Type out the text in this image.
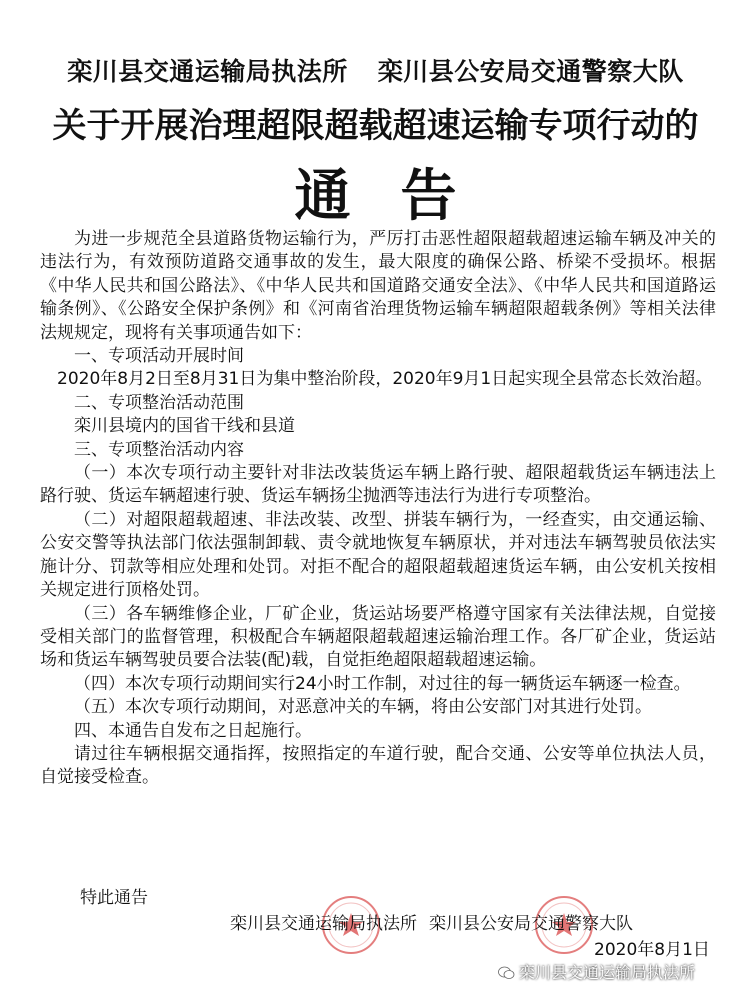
栾川县交通运输局执法所 栾川县公安局交通警察大队
关于开展治理超限超载超速运输专项行动的
通告

为进一步规范全县道路货物运输行为，严厉打击恶性超限超载超速运输车辆及冲关的违法行为，有效预防道路交通事故的发生，最大限度的确保公路、桥梁不受损坏。根据《中华人民共和国公路法》、《中华人民共和国道路交通安全法》、《中华人民共和国道路运输条例》、《公路安全保护条例》和《河南省治理货物运输车辆超限超载条例》等相关法律法规规定，现将有关事项通告如下：

一、专项活动开展时间

2020年8月2日至8月31日为集中整治阶段，2020年9月1日起实现全县常态长效治超。

二、专项整治活动范围

栾川县境内的国省干线和县道

三、专项整治活动内容

（一）本次专项行动主要针对非法改装货运车辆上路行驶、超限超载货运车辆违法上路行驶、货运车辆超速行驶、货运车辆扬尘抛洒等违法行为进行专项整治。

（二）对超限超载超速、非法改装、改型、拼装车辆行为，一经查实，由交通运输、公安交警等执法部门依法强制卸载、责令就地恢复车辆原状，并对违法车辆驾驶员依法实施计分、罚款等相应处理和处罚。对拒不配合的超限超载超速货运车辆，由公安机关按相关规定进行顶格处罚。

（三）各车辆维修企业，厂矿企业，货运站场要严格遵守国家有关法律法规，自觉接受相关部门的监督管理，积极配合车辆超限超载超速运输治理工作。各厂矿企业，货运站场和货运车辆驾驶员要合法装(配)载，自觉拒绝超限超载超速运输。

（四）本次专项行动期间实行24小时工作制，对过往的每一辆货运车辆逐一检查。

（五）本次专项行动期间，对恶意冲关的车辆，将由公安部门对其进行处罚。

四、本通告自发布之日起施行。

请过往车辆根据交通指挥，按照指定的车道行驶，配合交通、公安等单位执法人员，自觉接受检查。

特此通告
栾川县交通运输局执法所 栾川县公安局交通警察大队
2020年8月1日
栾川县交通运输局执法所
